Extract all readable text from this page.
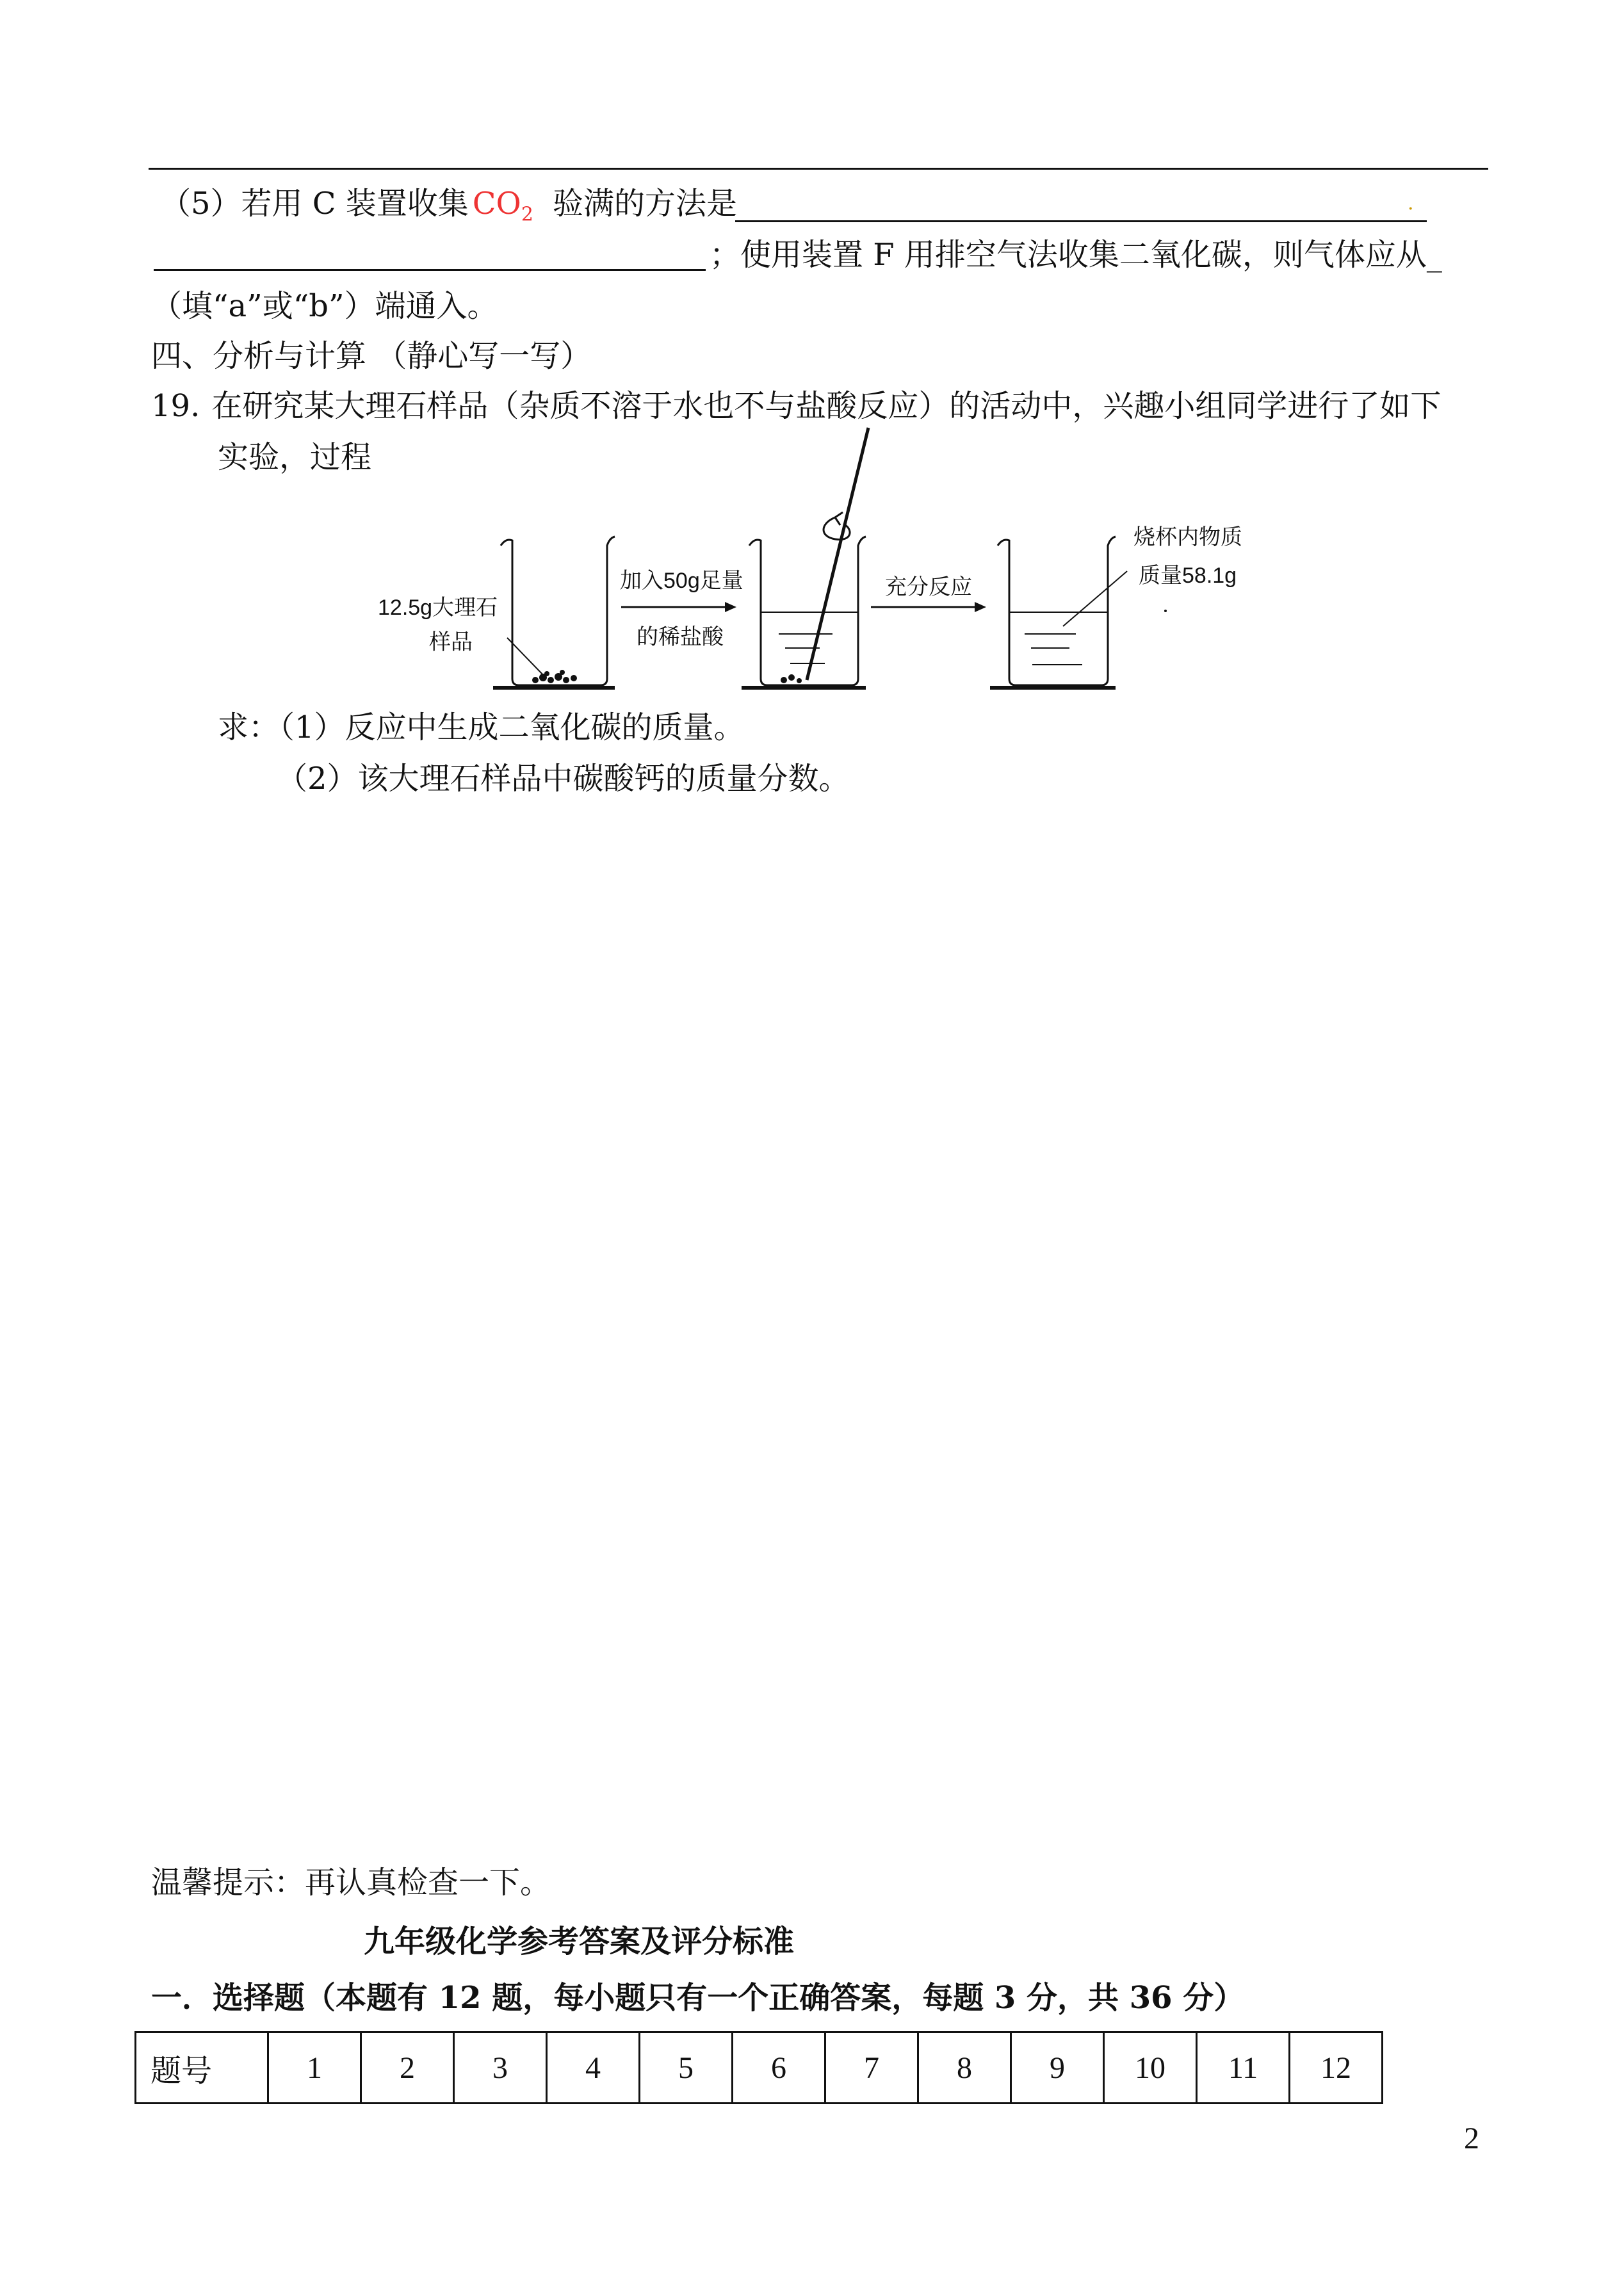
（5）若用 C 装置收集 $CO_2$ 验满的方法是	.
；使用装置 F 用排空气法收集二氧化碳，则气体应从_
（填“a”或“b”）端通入。
四、分析与计算 （静心写一写）
19. 在研究某大理石样品（杂质不溶于水也不与盐酸反应）的活动中，兴趣小组同学进行了如下
实验，过程
12.5g大理石
样品
加入50g足量
的稀盐酸
充分反应
烧杯内物质
质量58.1g
求：（1）反应中生成二氧化碳的质量。
（2）该大理石样品中碳酸钙的质量分数。
温馨提示：再认真检查一下。
九年级化学参考答案及评分标准
一．选择题（本题有 12 题，每小题只有一个正确答案，每题 3 分，共 36 分）
题号	1	2	3	4	5	6	7	8	9	10	11	12
2
